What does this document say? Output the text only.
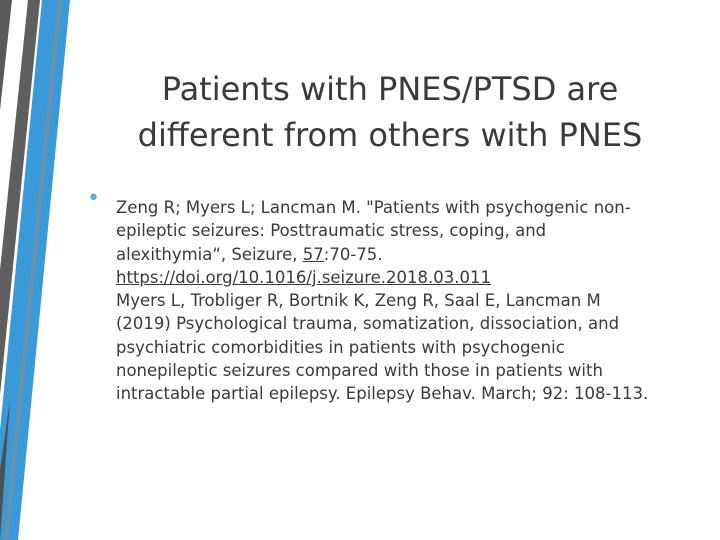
Patients with PNES/PTSD are
different from others with PNES
• Zeng R; Myers L; Lancman M. "Patients with psychogenic non-
epileptic seizures: Posttraumatic stress, coping, and
alexithymia“, Seizure, 57:70-75.
https://doi.org/10.1016/j.seizure.2018.03.011
Myers L, Trobliger R, Bortnik K, Zeng R, Saal E, Lancman M
(2019) Psychological trauma, somatization, dissociation, and
psychiatric comorbidities in patients with psychogenic
nonepileptic seizures compared with those in patients with
intractable partial epilepsy. Epilepsy Behav. March; 92: 108-113.
